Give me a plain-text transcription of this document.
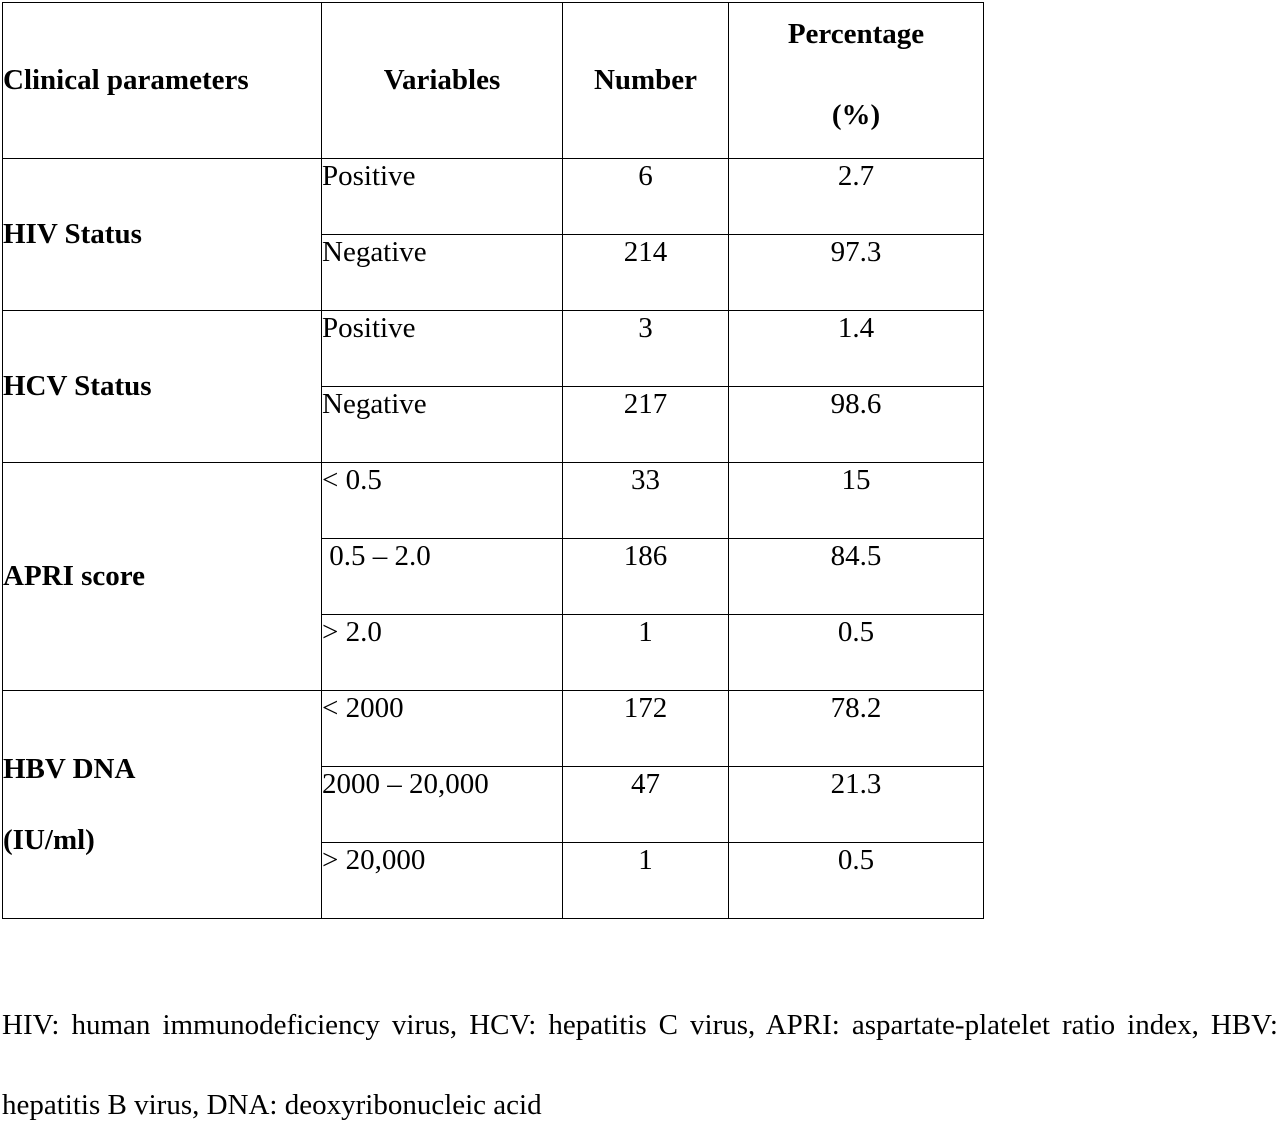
Clinical parameters	Variables	Number	Percentage
(%)

HIV Status	Positive	6	2.7
	Negative	214	97.3
HCV Status	Positive	3	1.4
	Negative	217	98.6
APRI score	< 0.5	33	15
	0.5 – 2.0	186	84.5
	> 2.0	1	0.5

HBV DNA
(IU/ml)	< 2000	172	78.2
	2000 – 20,000	47	21.3
	> 20,000	1	0.5

HIV: human immunodeficiency virus, HCV: hepatitis C virus, APRI: aspartate-platelet ratio index, HBV: hepatitis B virus, DNA: deoxyribonucleic acid
